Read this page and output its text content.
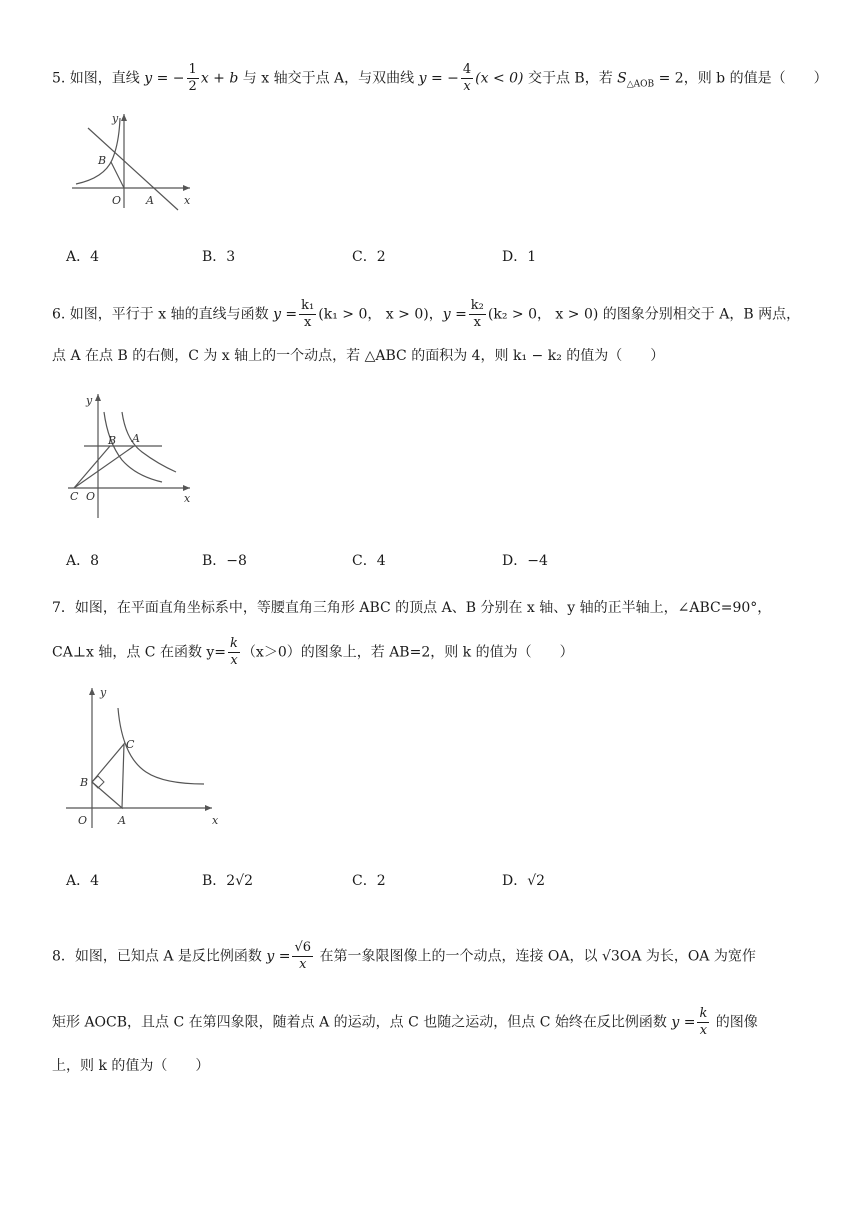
5. 如图，直线 y = − $\frac{1}{2}$ x + b 与 x 轴交于点 A，与双曲线 y = − $\frac{4}{x} (x < 0)$ 交于点 B，若 $S_{\triangle AOB} = 2$，则 b 的值是（　　）
y
x
B
O A
A．4	B．3	C．2	D．1
6. 如图，平行于 x 轴的直线与函数 $y = \frac{\text{k₁}}{x} (k_1 > 0$， x > 0)，$y = \frac{\text{k₂}}{x} (k_2 > 0$， x > 0) 的图象分别相交于 A，B 两点，
点 A 在点 B 的右侧，C 为 x 轴上的一个动点，若 △ABC 的面积为 4，则 k₁ − k₂ 的值为（　　）
y
x
B A
C O
A．8	B．−8	C．4	D．−4
7．如图，在平面直角坐标系中，等腰直角三角形 ABC 的顶点 A、B 分别在 x 轴、y 轴的正半轴上，∠ABC=90°，
CA⊥x 轴，点 C 在函数 $y= \frac{k}{x} (x>0)$的图象上，若 AB=2，则 k 的值为（　　）
y
x
C
B
O	A
A．4	B．2√2	C．2	D．√2
8．如图，已知点 A 是反比例函数 $y = \frac{√6}{x}$ 在第一象限图像上的一个动点，连接 OA，以 √3OA 为长，OA 为宽作
矩形 AOCB，且点 C 在第四象限，随着点 A 的运动，点 C 也随之运动，但点 C 始终在反比例函数 $y = \frac{k}{x}$ 的图像
上，则 k 的值为（　　）
